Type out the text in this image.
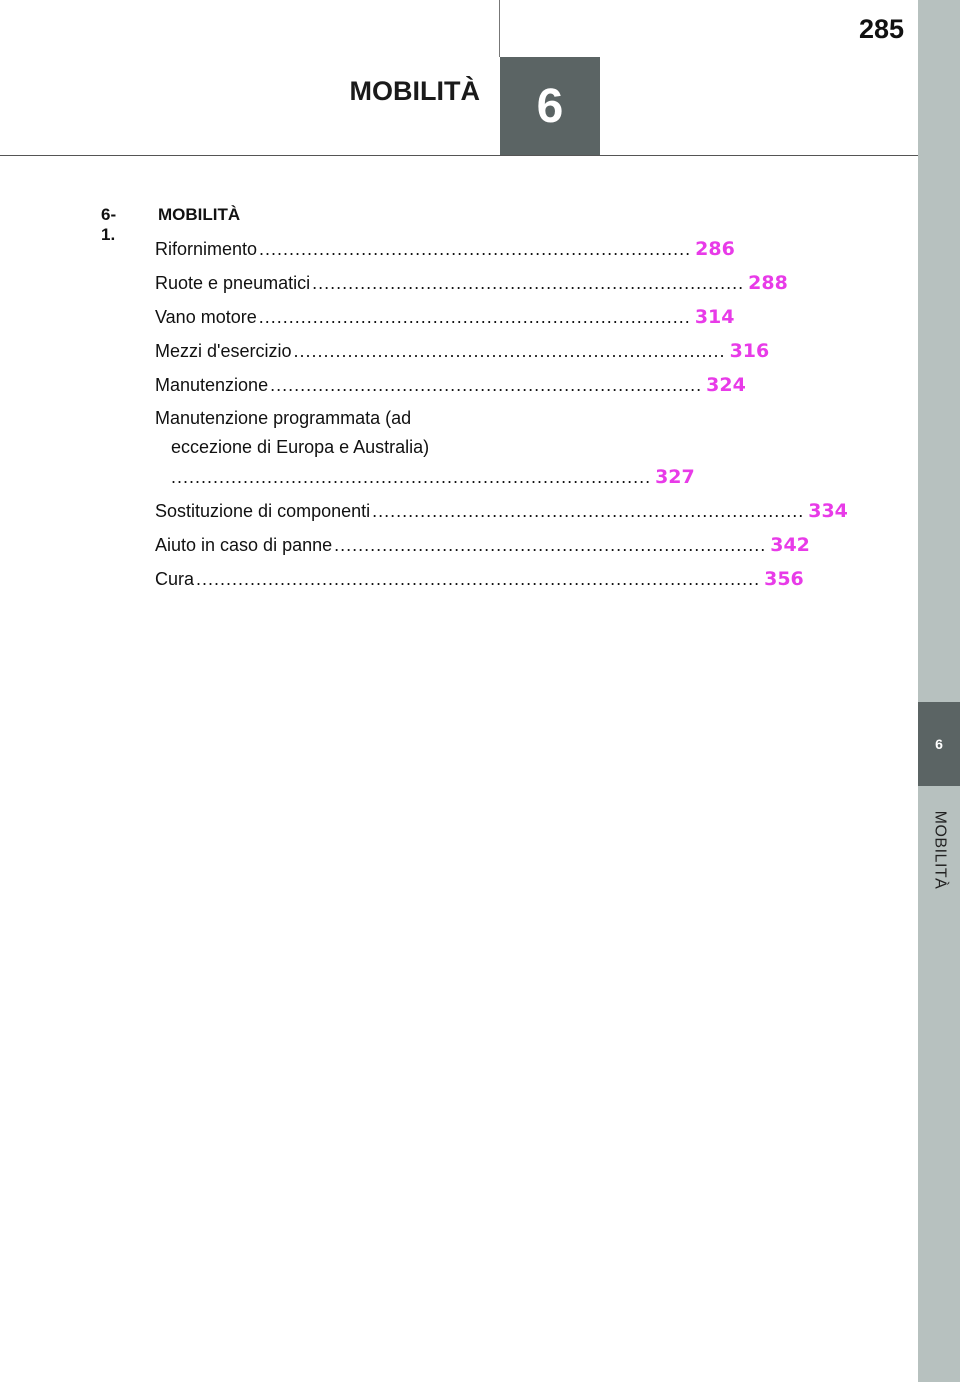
6
MOBILITÀ
285
6
MOBILITÀ
6-1.
MOBILITÀ
Rifornimento ........................................................................ 286
Ruote e pneumatici ........................................................................ 288
Vano motore ........................................................................ 314
Mezzi d'esercizio ........................................................................ 316
Manutenzione ........................................................................ 324
Manutenzione programmata (ad
eccezione di Europa e Australia)
................................................................................ 327
Sostituzione di componenti ........................................................................ 334
Aiuto in caso di panne ........................................................................ 342
Cura .............................................................................................. 356
